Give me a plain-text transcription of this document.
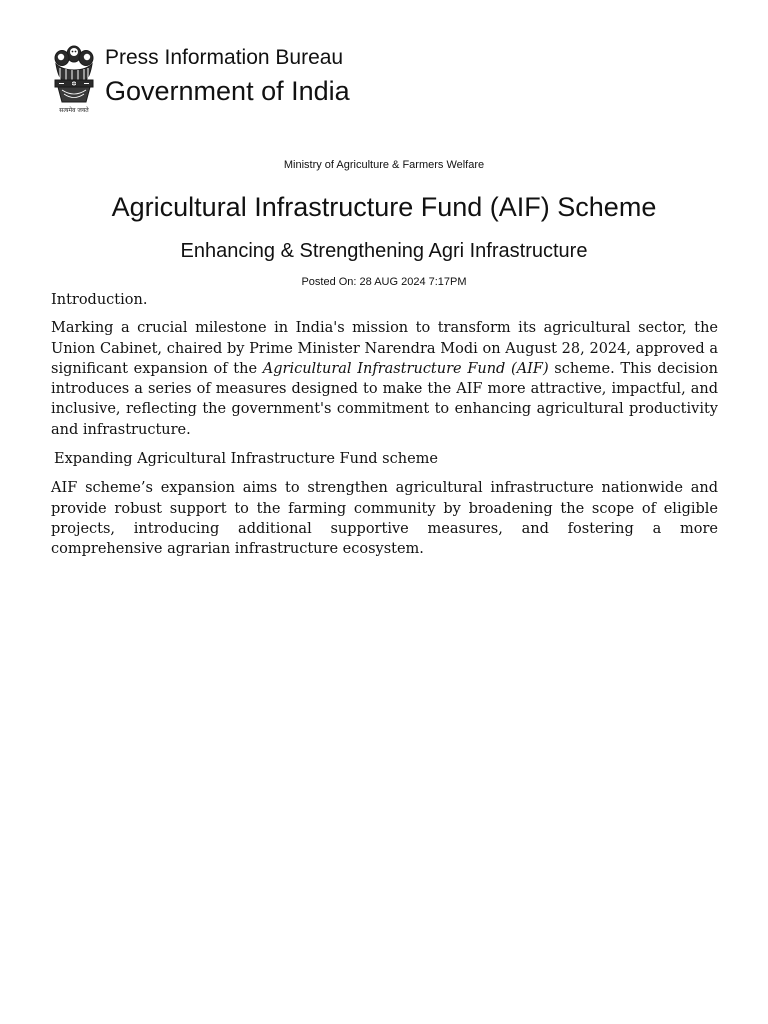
सत्यमेव जयते
Press Information Bureau
Government of India
Ministry of Agriculture & Farmers Welfare
Agricultural Infrastructure Fund (AIF) Scheme
Enhancing & Strengthening Agri Infrastructure
Posted On: 28 AUG 2024 7:17PM

Introduction.

Marking a crucial milestone in India's mission to transform its agricultural sector, the Union Cabinet, chaired by Prime Minister Narendra Modi on August 28, 2024, approved a significant expansion of the Agricultural Infrastructure Fund (AIF) scheme. This decision introduces a series of measures designed to make the AIF more attractive, impactful, and inclusive, reflecting the government's commitment to enhancing agricultural productivity and infrastructure.

Expanding Agricultural Infrastructure Fund scheme

AIF scheme’s expansion aims to strengthen agricultural infrastructure nationwide and provide robust support to the farming community by broadening the scope of eligible projects, introducing additional supportive measures, and fostering a more comprehensive agrarian infrastructure ecosystem.
